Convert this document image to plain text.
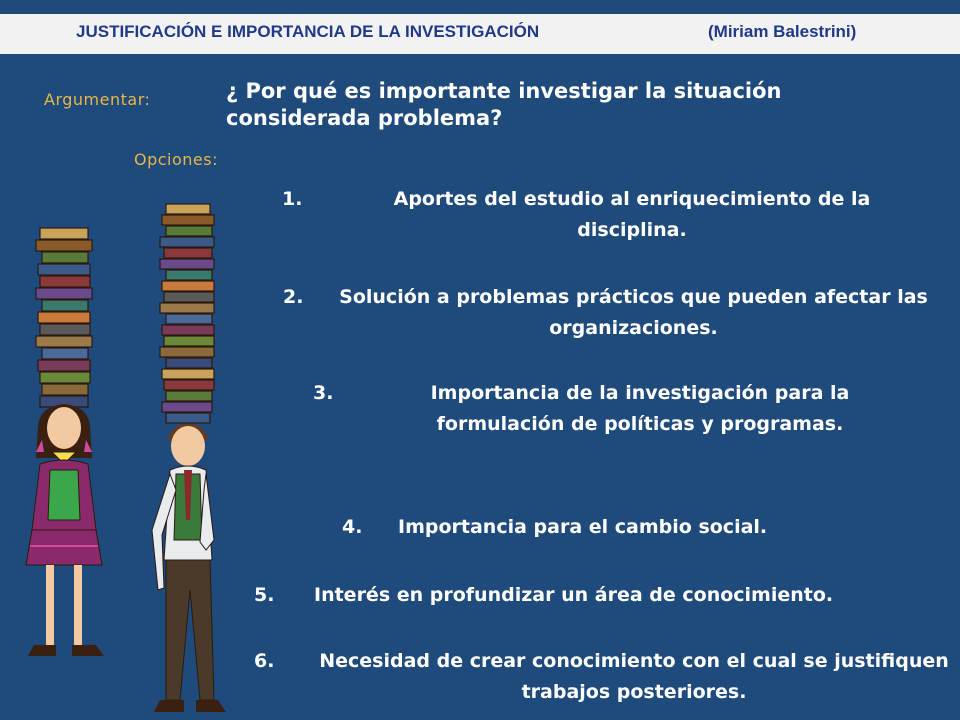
JUSTIFICACIÓN E IMPORTANCIA DE LA INVESTIGACIÓN	(Miriam Balestrini)
Argumentar:
Opciones:
¿ Por qué es importante investigar la situación considerada problema?
1.	Aportes del estudio al enriquecimiento de la disciplina.
2. Solución a problemas prácticos que pueden afectar las organizaciones.
3.	Importancia de la investigación para la formulación de políticas y programas.
4. Importancia para el cambio social.
5. Interés en profundizar un área de conocimiento.
6. Necesidad de crear conocimiento con el cual se justifiquen trabajos posteriores.
